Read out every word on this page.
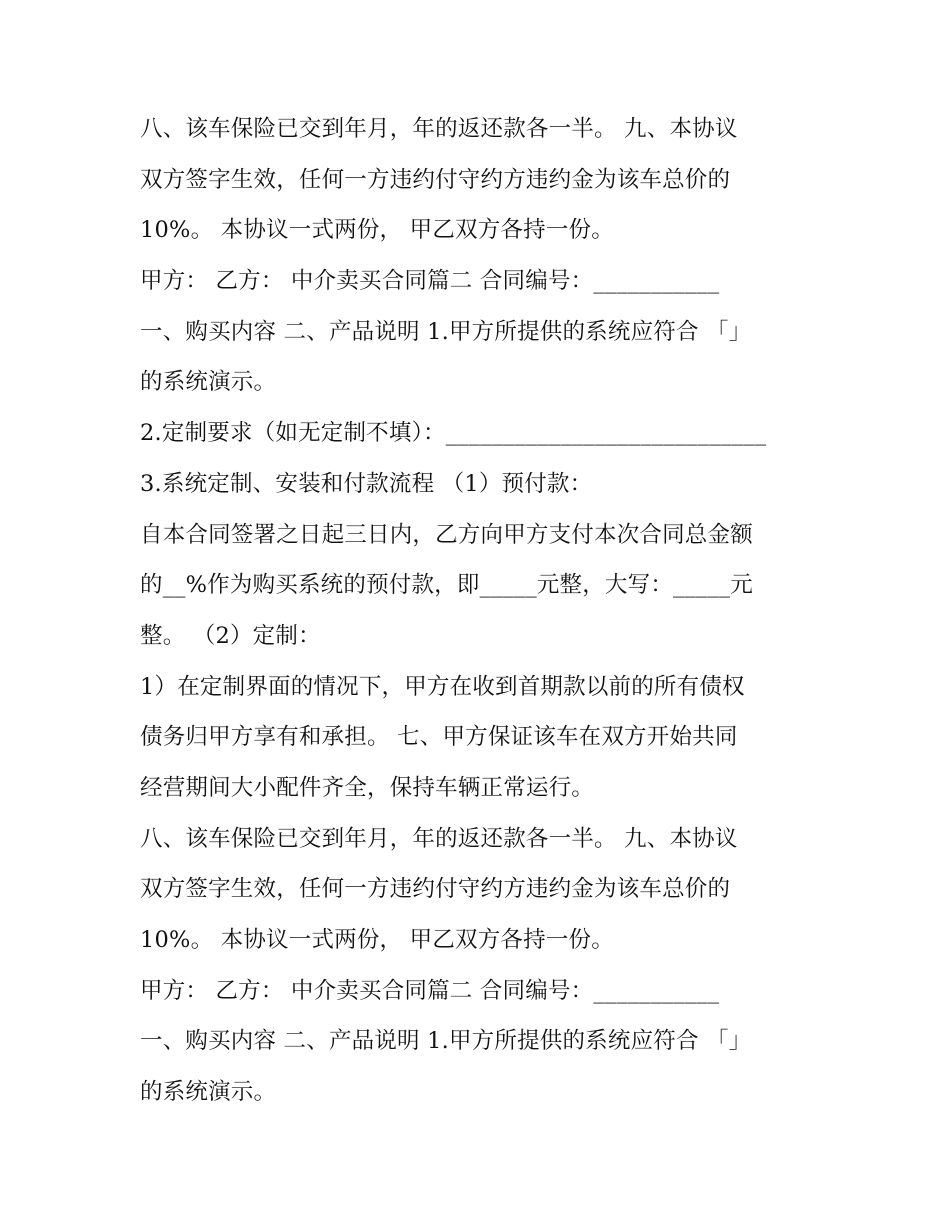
八、该车保险已交到年月，年的返还款各一半。 九、本协议
双方签字生效，任何一方违约付守约方违约金为该车总价的
10%。 本协议一式两份， 甲乙双方各持一份。
甲方： 乙方： 中介卖买合同篇二 合同编号：___________
一、购买内容 二、产品说明 1.甲方所提供的系统应符合 「」
的系统演示。
2.定制要求（如无定制不填）：____________________________
3.系统定制、安装和付款流程 （1）预付款：
自本合同签署之日起三日内，乙方向甲方支付本次合同总金额
的__%作为购买系统的预付款，即_____元整，大写：_____元
整。 （2）定制：
1）在定制界面的情况下，甲方在收到首期款以前的所有债权
债务归甲方享有和承担。 七、甲方保证该车在双方开始共同
经营期间大小配件齐全，保持车辆正常运行。
八、该车保险已交到年月，年的返还款各一半。 九、本协议
双方签字生效，任何一方违约付守约方违约金为该车总价的
10%。 本协议一式两份， 甲乙双方各持一份。
甲方： 乙方： 中介卖买合同篇二 合同编号：___________
一、购买内容 二、产品说明 1.甲方所提供的系统应符合 「」
的系统演示。
